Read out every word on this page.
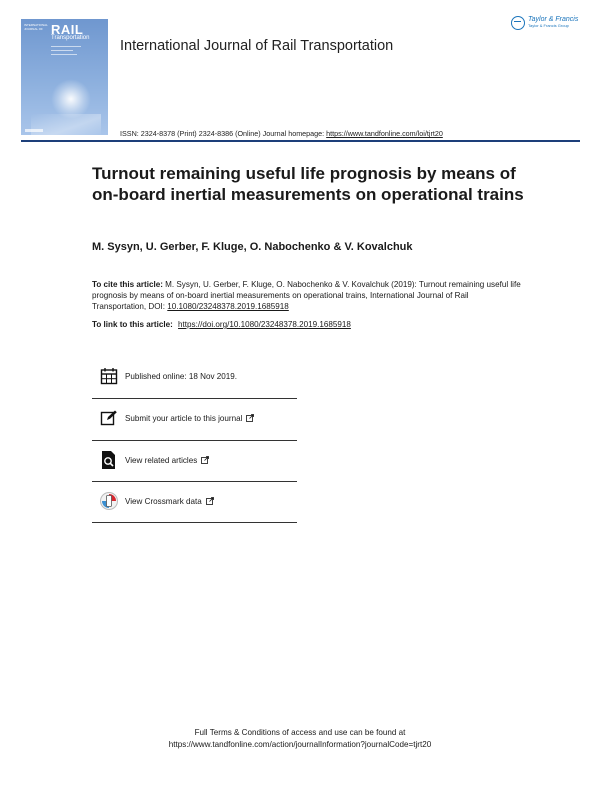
INTERNATIONAL JOURNAL OF RAIL
Transportation International Journal of Rail Transportation
Taylor & Francis
Taylor & Francis Group
ISSN: 2324-8378 (Print) 2324-8386 (Online) Journal homepage: https://www.tandfonline.com/loi/tjrt20
Turnout remaining useful life prognosis by means of on-board inertial measurements on operational trains
M. Sysyn, U. Gerber, F. Kluge, O. Nabochenko & V. Kovalchuk
To cite this article: M. Sysyn, U. Gerber, F. Kluge, O. Nabochenko & V. Kovalchuk (2019): Turnout remaining useful life prognosis by means of on-board inertial measurements on operational trains, International Journal of Rail Transportation, DOI: 10.1080/23248378.2019.1685918
To link to this article: https://doi.org/10.1080/23248378.2019.1685918
Published online: 18 Nov 2019.
Submit your article to this journal
View related articles
View Crossmark data
Full Terms & Conditions of access and use can be found at
https://www.tandfonline.com/action/journalInformation?journalCode=tjrt20
